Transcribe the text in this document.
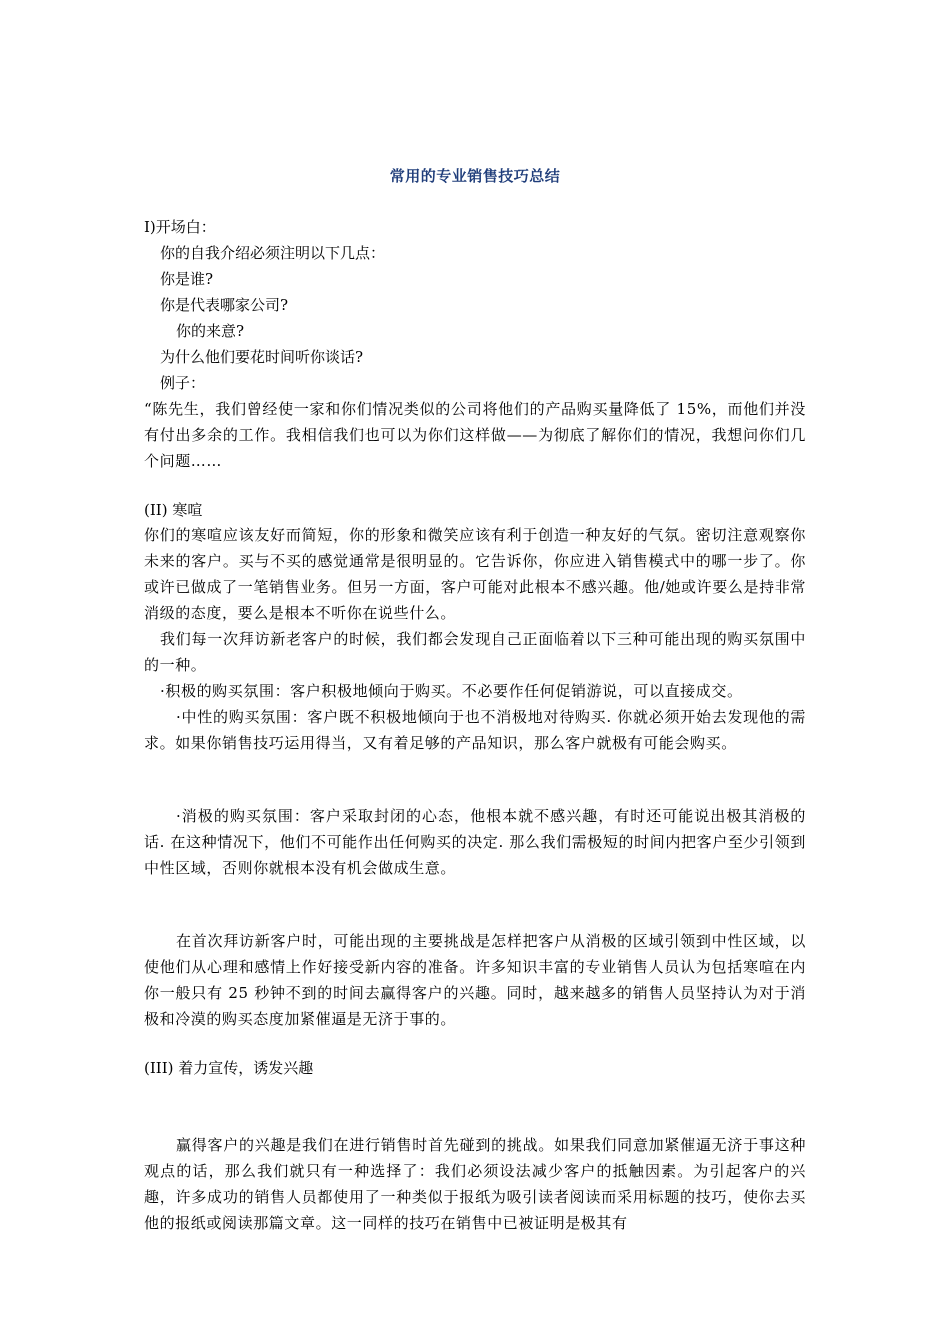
常用的专业销售技巧总结
I)开场白：
你的自我介绍必须注明以下几点：
你是谁?
你是代表哪家公司?
你的来意?
为什么他们要花时间听你谈话?
例子：
“陈先生，我们曾经使一家和你们情况类似的公司将他们的产品购买量降低了 15%，而他们并没有付出多余的工作。我相信我们也可以为你们这样做——为彻底了解你们的情况，我想问你们几个问题……
(II) 寒喧
你们的寒喧应该友好而简短，你的形象和微笑应该有利于创造一种友好的气氛。密切注意观察你未来的客户。买与不买的感觉通常是很明显的。它告诉你，你应进入销售模式中的哪一步了。你或许已做成了一笔销售业务。但另一方面，客户可能对此根本不感兴趣。他/她或许要么是持非常消级的态度，要么是根本不听你在说些什么。
我们每一次拜访新老客户的时候，我们都会发现自己正面临着以下三种可能出现的购买氛围中的一种。
·积极的购买氛围：客户积极地倾向于购买。不必要作任何促销游说，可以直接成交。
·中性的购买氛围：客户既不积极地倾向于也不消极地对待购买. 你就必须开始去发现他的需求。如果你销售技巧运用得当，又有着足够的产品知识，那么客户就极有可能会购买。
·消极的购买氛围：客户采取封闭的心态，他根本就不感兴趣，有时还可能说出极其消极的话. 在这种情况下，他们不可能作出任何购买的决定. 那么我们需极短的时间内把客户至少引领到中性区域，否则你就根本没有机会做成生意。
在首次拜访新客户时，可能出现的主要挑战是怎样把客户从消极的区域引领到中性区域，以使他们从心理和感情上作好接受新内容的准备。许多知识丰富的专业销售人员认为包括寒喧在内你一般只有 25 秒钟不到的时间去赢得客户的兴趣。同时，越来越多的销售人员坚持认为对于消极和冷漠的购买态度加紧催逼是无济于事的。
(III) 着力宣传，诱发兴趣
赢得客户的兴趣是我们在进行销售时首先碰到的挑战。如果我们同意加紧催逼无济于事这种观点的话，那么我们就只有一种选择了：我们必须设法减少客户的抵触因素。为引起客户的兴趣，许多成功的销售人员都使用了一种类似于报纸为吸引读者阅读而采用标题的技巧，使你去买他的报纸或阅读那篇文章。这一同样的技巧在销售中已被证明是极其有
